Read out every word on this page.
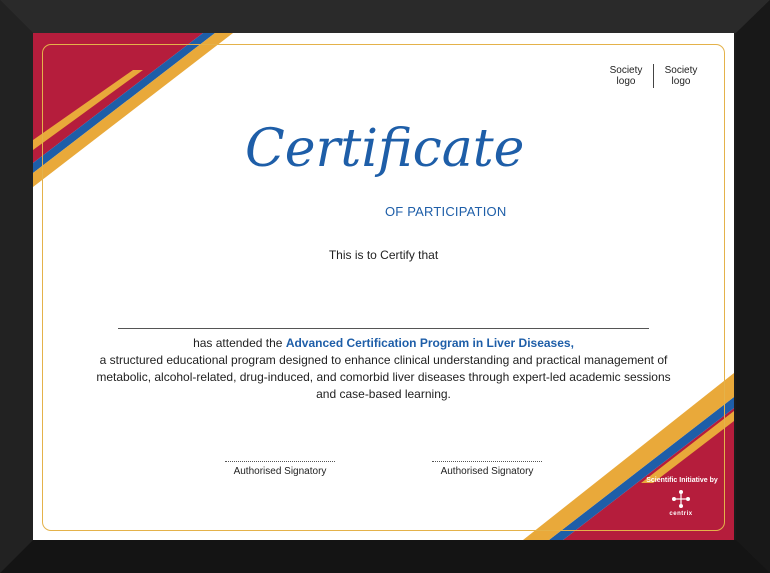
Society
logo
Society
logo
Certificate
OF PARTICIPATION
This is to Certify that
has attended the Advanced Certification Program in Liver Diseases,
a structured educational program designed to enhance clinical understanding and practical management of metabolic, alcohol-related, drug-induced, and comorbid liver diseases through expert-led academic sessions and case-based learning.
Authorised Signatory	Authorised Signatory
Scientific Initiative by
centrix
